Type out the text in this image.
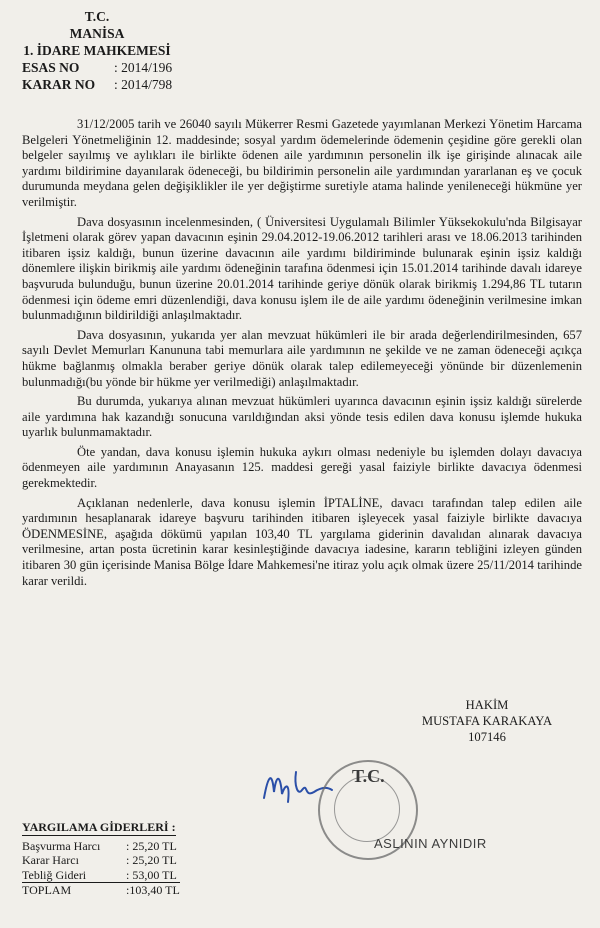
T.C.
MANİSA
1. İDARE MAHKEMESİ
ESAS NO	: 2014/196
KARAR NO	: 2014/798

31/12/2005 tarih ve 26040 sayılı Mükerrer Resmi Gazetede yayımlanan Merkezi Yönetim Harcama Belgeleri Yönetmeliğinin 12. maddesinde; sosyal yardım ödemelerinde ödemenin çeşidine göre gerekli olan belgeler sayılmış ve aylıkları ile birlikte ödenen aile yardımının personelin ilk işe girişinde alınacak aile yardımı bildirimine dayanılarak ödeneceği, bu bildirimin personelin aile yardımından yararlanan eş ve çocuk durumunda meydana gelen değişiklikler ile yer değiştirme suretiyle atama halinde yenileneceği hükmüne yer verilmiştir.

Dava dosyasının incelenmesinden, ( Üniversitesi Uygulamalı Bilimler Yüksekokulu'nda Bilgisayar İşletmeni olarak görev yapan davacının eşinin 29.04.2012-19.06.2012 tarihleri arası ve 18.06.2013 tarihinden itibaren işsiz kaldığı, bunun üzerine davacının aile yardımı bildiriminde bulunarak eşinin işsiz kaldığı dönemlere ilişkin birikmiş aile yardımı ödeneğinin tarafına ödenmesi için 15.01.2014 tarihinde davalı idareye başvuruda bulunduğu, bunun üzerine 20.01.2014 tarihinde geriye dönük olarak birikmiş 1.294,86 TL tutarın ödenmesi için ödeme emri düzenlendiği, dava konusu işlem ile de aile yardımı ödeneğinin verilmesine imkan bulunmadığının bildirildiği anlaşılmaktadır.

Dava dosyasının, yukarıda yer alan mevzuat hükümleri ile bir arada değerlendirilmesinden, 657 sayılı Devlet Memurları Kanununa tabi memurlara aile yardımının ne şekilde ve ne zaman ödeneceği açıkça hükme bağlanmış olmakla beraber geriye dönük olarak talep edilemeyeceği yönünde bir düzenlemenin bulunmadığı(bu yönde bir hükme yer verilmediği) anlaşılmaktadır.

Bu durumda, yukarıya alınan mevzuat hükümleri uyarınca davacının eşinin işsiz kaldığı sürelerde aile yardımına hak kazandığı sonucuna varıldığından aksi yönde tesis edilen dava konusu işlemde hukuka uyarlık bulunmamaktadır.

Öte yandan, dava konusu işlemin hukuka aykırı olması nedeniyle bu işlemden dolayı davacıya ödenmeyen aile yardımının Anayasanın 125. maddesi gereği yasal faiziyle birlikte davacıya ödenmesi gerekmektedir.

Açıklanan nedenlerle, dava konusu işlemin İPTALİNE, davacı tarafından talep edilen aile yardımının hesaplanarak idareye başvuru tarihinden itibaren işleyecek yasal faiziyle birlikte davacıya ÖDENMESİNE, aşağıda dökümü yapılan 103,40 TL yargılama giderinin davalıdan alınarak davacıya verilmesine, artan posta ücretinin karar kesinleştiğinde davacıya iadesine, kararın tebliğini izleyen günden itibaren 30 gün içerisinde Manisa Bölge İdare Mahkemesi'ne itiraz yolu açık olmak üzere 25/11/2014 tarihinde karar verildi.

HAKİM
MUSTAFA KARAKAYA
107146
T.C.
ASLININ AYNIDIR
YARGILAMA GİDERLERİ :
Başvurma Harcı	: 25,20 TL
Karar Harcı	: 25,20 TL
Tebliğ Gideri	: 53,00 TL
TOPLAM	:103,40 TL
